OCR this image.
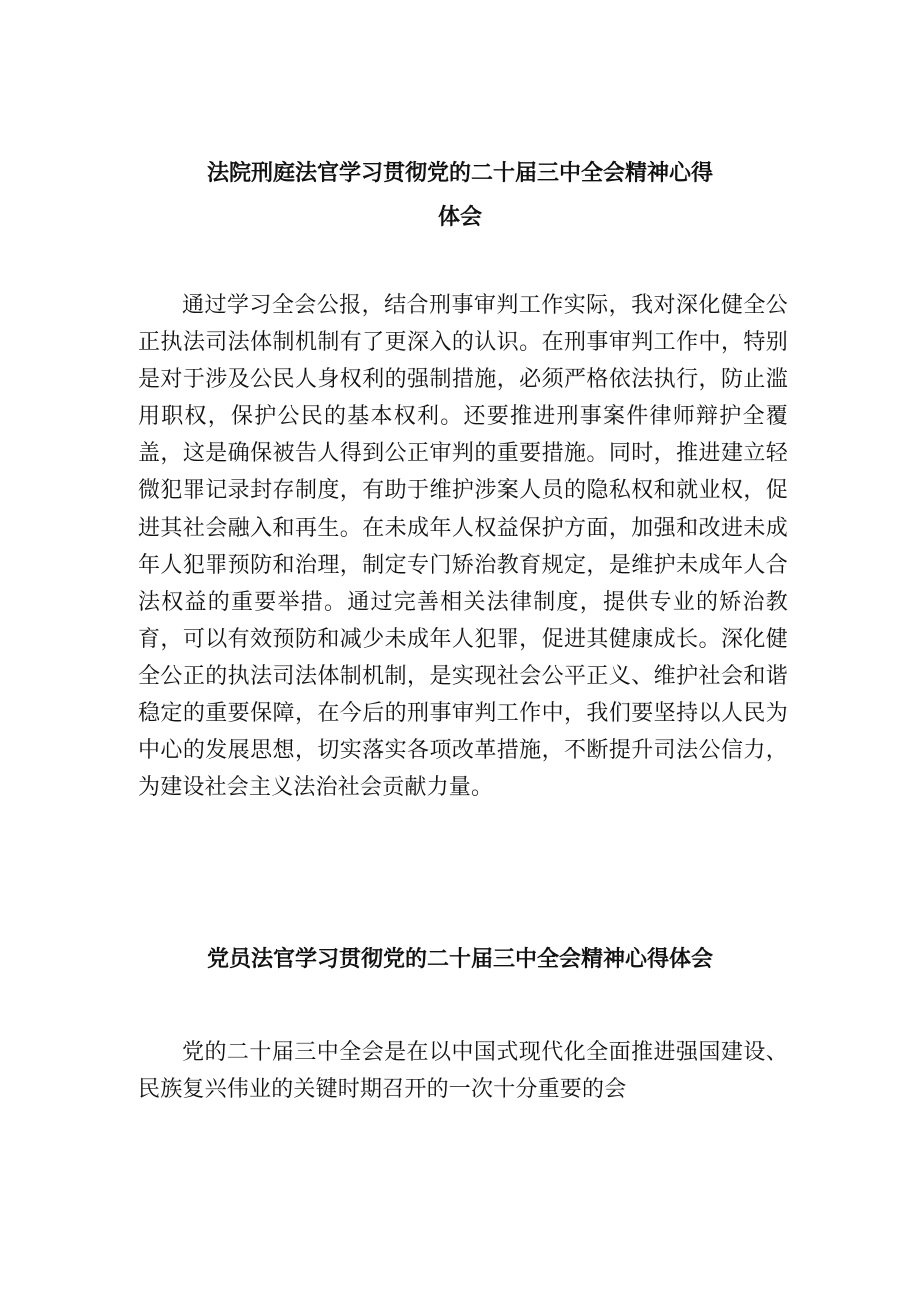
法院刑庭法官学习贯彻党的二十届三中全会精神心得
体会

通过学习全会公报，结合刑事审判工作实际，我对深化健全公正执法司法体制机制有了更深入的认识。在刑事审判工作中，特别是对于涉及公民人身权利的强制措施，必须严格依法执行，防止滥用职权，保护公民的基本权利。还要推进刑事案件律师辩护全覆盖，这是确保被告人得到公正审判的重要措施。同时，推进建立轻微犯罪记录封存制度，有助于维护涉案人员的隐私权和就业权，促进其社会融入和再生。在未成年人权益保护方面，加强和改进未成年人犯罪预防和治理，制定专门矫治教育规定，是维护未成年人合法权益的重要举措。通过完善相关法律制度，提供专业的矫治教育，可以有效预防和减少未成年人犯罪，促进其健康成长。深化健全公正的执法司法体制机制，是实现社会公平正义、维护社会和谐稳定的重要保障，在今后的刑事审判工作中，我们要坚持以人民为中心的发展思想，切实落实各项改革措施，不断提升司法公信力，为建设社会主义法治社会贡献力量。

党员法官学习贯彻党的二十届三中全会精神心得体会

党的二十届三中全会是在以中国式现代化全面推进强国建设、民族复兴伟业的关键时期召开的一次十分重要的会
